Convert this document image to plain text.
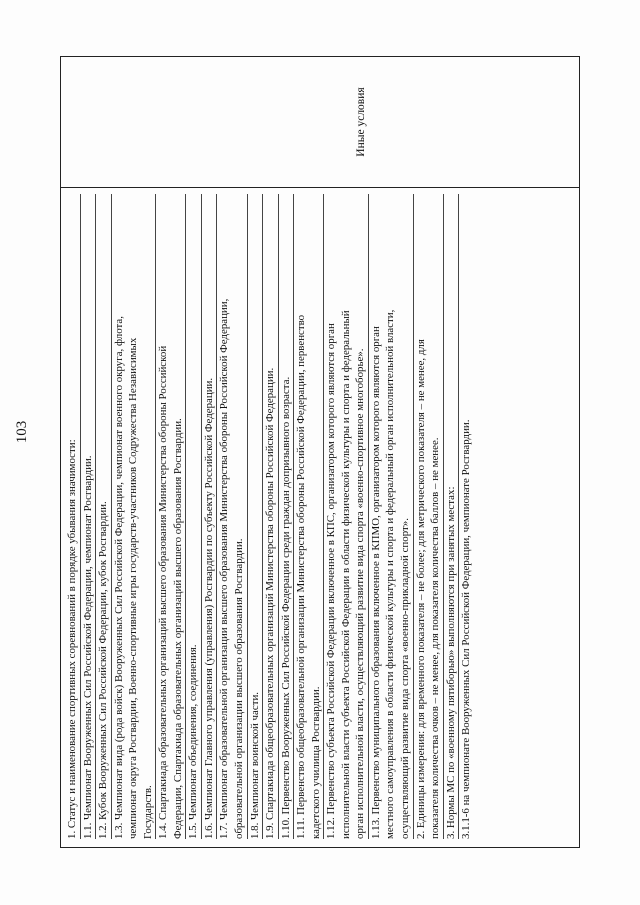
103
1. Статус и наименование спортивных соревнований в порядке убывания значимости: 1.1. Чемпионат Вооруженных Сил Российской Федерации, чемпионат Росгвардии. 1.2. Кубок Вооруженных Сил Российской Федерации, кубок Росгвардии. 1.3. Чемпионат вида (рода войск) Вооруженных Сил Российской Федерации, чемпионат военного округа, флота, чемпионат округа Росгвардии, Военно-спортивные игры государств-участников Содружества Независимых Государств. 1.4. Спартакиада образовательных организаций высшего образования Министерства обороны Российской Федерации, Спартакиада образовательных организаций высшего образования Росгвардии. 1.5. Чемпионат объединения, соединения. 1.6. Чемпионат Главного управления (управления) Росгвардии по субъекту Российской Федерации. 1.7. Чемпионат образовательной организации высшего образования Министерства обороны Российской Федерации, образовательной организации высшего образования Росгвардии. 1.8. Чемпионат воинской части. 1.9. Спартакиада общеобразовательных организаций Министерства обороны Российской Федерации. 1.10. Первенство Вооруженных Сил Российской Федерации среди граждан допризывного возраста. 1.11. Первенство общеобразовательной организации Министерства обороны Российской Федерации, первенство кадетского училища Росгвардии. 1.12. Первенство субъекта Российской Федерации включенное в КПС, организатором которого являются орган исполнительной власти субъекта Российской Федерации в области физической культуры и спорта и федеральный орган исполнительной власти, осуществляющий развитие вида спорта «военно-спортивное многоборье». 1.13. Первенство муниципального образования включенное в КПМО, организатором которого являются орган местного самоуправления в области физической культуры и спорта и федеральный орган исполнительной власти, осуществляющий развитие вида спорта «военно-прикладной спорт». 2. Единицы измерения: для временного показателя – не более; для метрического показателя – не менее, для показателя количества очков – не менее, для показателя количества баллов – не менее. 3. Нормы МС по «военному пятиборью» выполняются при занятых местах: 3.1.1-6 на чемпионате Вооруженных Сил Российской Федерации, чемпионате Росгвардии.
Иные условия
